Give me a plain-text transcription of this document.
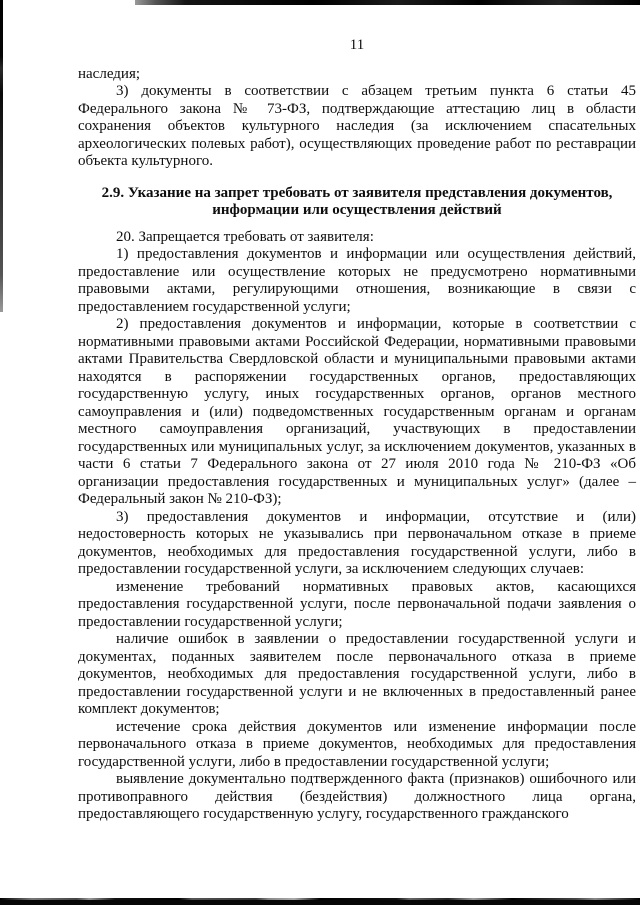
11

наследия;

3) документы в соответствии с абзацем третьим пункта 6 статьи 45 Федерального закона № 73-ФЗ, подтверждающие аттестацию лиц в области сохранения объектов культурного наследия (за исключением спасательных археологических полевых работ), осуществляющих проведение работ по реставрации объекта культурного.

2.9. Указание на запрет требовать от заявителя представления документов, информации или осуществления действий

20. Запрещается требовать от заявителя:

1) предоставления документов и информации или осуществления действий, предоставление или осуществление которых не предусмотрено нормативными правовыми актами, регулирующими отношения, возникающие в связи с предоставлением государственной услуги;

2) предоставления документов и информации, которые в соответствии с нормативными правовыми актами Российской Федерации, нормативными правовыми актами Правительства Свердловской области и муниципальными правовыми актами находятся в распоряжении государственных органов, предоставляющих государственную услугу, иных государственных органов, органов местного самоуправления и (или) подведомственных государственным органам и органам местного самоуправления организаций, участвующих в предоставлении государственных или муниципальных услуг, за исключением документов, указанных в части 6 статьи 7 Федерального закона от 27 июля 2010 года № 210-ФЗ «Об организации предоставления государственных и муниципальных услуг» (далее – Федеральный закон № 210-ФЗ);

3) предоставления документов и информации, отсутствие и (или) недостоверность которых не указывались при первоначальном отказе в приеме документов, необходимых для предоставления государственной услуги, либо в предоставлении государственной услуги, за исключением следующих случаев:

изменение требований нормативных правовых актов, касающихся предоставления государственной услуги, после первоначальной подачи заявления о предоставлении государственной услуги;

наличие ошибок в заявлении о предоставлении государственной услуги и документах, поданных заявителем после первоначального отказа в приеме документов, необходимых для предоставления государственной услуги, либо в предоставлении государственной услуги и не включенных в предоставленный ранее комплект документов;

истечение срока действия документов или изменение информации после первоначального отказа в приеме документов, необходимых для предоставления государственной услуги, либо в предоставлении государственной услуги;

выявление документально подтвержденного факта (признаков) ошибочного или противоправного действия (бездействия) должностного лица органа, предоставляющего государственную услугу, государственного гражданского
